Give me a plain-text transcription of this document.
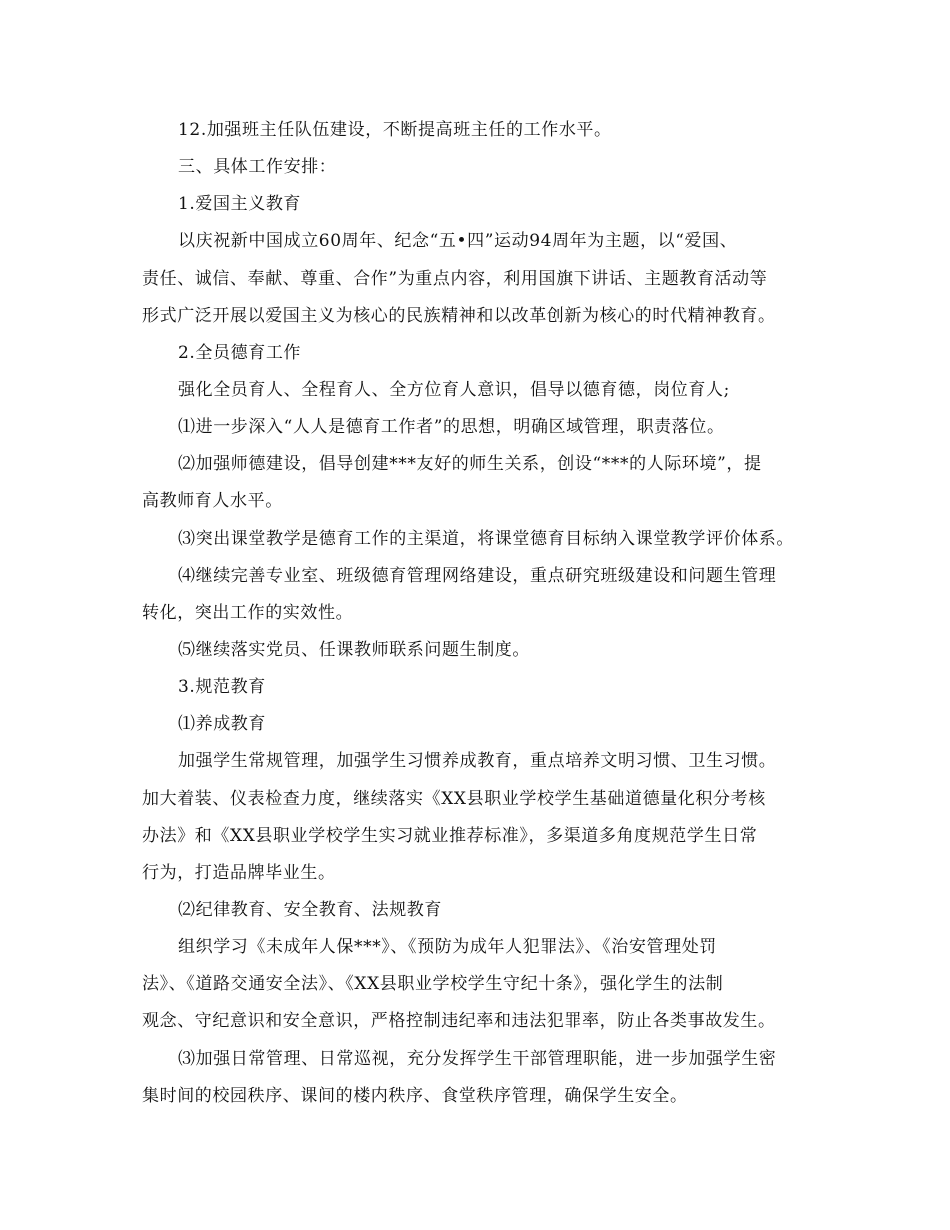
12.加强班主任队伍建设，不断提高班主任的工作水平。
三、具体工作安排：
1.爱国主义教育
以庆祝新中国成立60周年、纪念“五•四”运动94周年为主题，以“爱国、
责任、诚信、奉献、尊重、合作”为重点内容，利用国旗下讲话、主题教育活动等
形式广泛开展以爱国主义为核心的民族精神和以改革创新为核心的时代精神教育。
2.全员德育工作
强化全员育人、全程育人、全方位育人意识，倡导以德育德，岗位育人;
⑴进一步深入“人人是德育工作者”的思想，明确区域管理，职责落位。
⑵加强师德建设，倡导创建***友好的师生关系，创设“***的人际环境”，提
高教师育人水平。
⑶突出课堂教学是德育工作的主渠道，将课堂德育目标纳入课堂教学评价体系。
⑷继续完善专业室、班级德育管理网络建设，重点研究班级建设和问题生管理
转化，突出工作的实效性。
⑸继续落实党员、任课教师联系问题生制度。
3.规范教育
⑴养成教育
加强学生常规管理，加强学生习惯养成教育，重点培养文明习惯、卫生习惯。
加大着装、仪表检查力度，继续落实《XX县职业学校学生基础道德量化积分考核
办法》和《XX县职业学校学生实习就业推荐标准》，多渠道多角度规范学生日常
行为，打造品牌毕业生。
⑵纪律教育、安全教育、法规教育
组织学习《未成年人保***》、《预防为成年人犯罪法》、《治安管理处罚
法》、《道路交通安全法》、《XX县职业学校学生守纪十条》，强化学生的法制
观念、守纪意识和安全意识，严格控制违纪率和违法犯罪率，防止各类事故发生。
⑶加强日常管理、日常巡视，充分发挥学生干部管理职能，进一步加强学生密
集时间的校园秩序、课间的楼内秩序、食堂秩序管理，确保学生安全。
